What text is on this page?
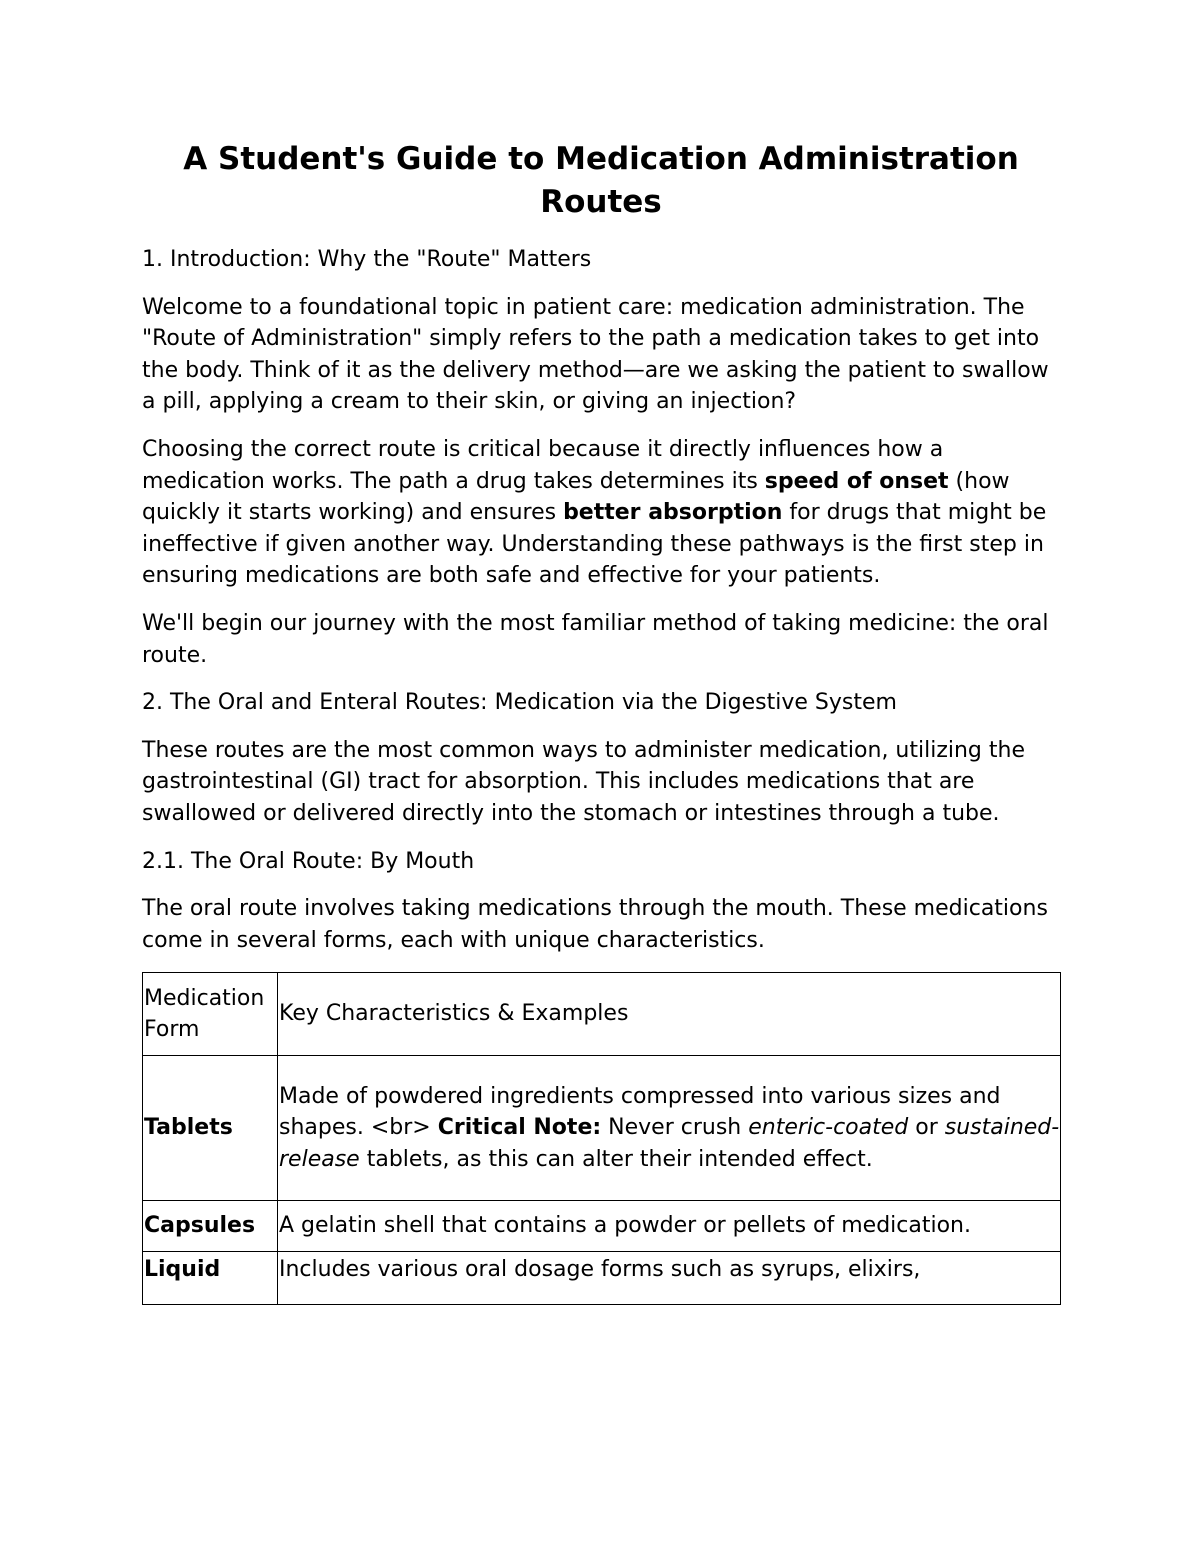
A Student's Guide to Medication Administration Routes
1. Introduction: Why the "Route" Matters

Welcome to a foundational topic in patient care: medication administration. The "Route of Administration" simply refers to the path a medication takes to get into the body. Think of it as the delivery method—are we asking the patient to swallow a pill, applying a cream to their skin, or giving an injection?

Choosing the correct route is critical because it directly influences how a medication works. The path a drug takes determines its speed of onset (how quickly it starts working) and ensures better absorption for drugs that might be ineffective if given another way. Understanding these pathways is the first step in ensuring medications are both safe and effective for your patients.

We'll begin our journey with the most familiar method of taking medicine: the oral route.

2. The Oral and Enteral Routes: Medication via the Digestive System

These routes are the most common ways to administer medication, utilizing the gastrointestinal (GI) tract for absorption. This includes medications that are swallowed or delivered directly into the stomach or intestines through a tube.

2.1. The Oral Route: By Mouth

The oral route involves taking medications through the mouth. These medications come in several forms, each with unique characteristics.

Medication Form	Key Characteristics & Examples
Tablets	Made of powdered ingredients compressed into various sizes and shapes. <br> Critical Note: Never crush enteric-coated or sustained-release tablets, as this can alter their intended effect.
Capsules	A gelatin shell that contains a powder or pellets of medication.
Liquid	Includes various oral dosage forms such as syrups, elixirs,
